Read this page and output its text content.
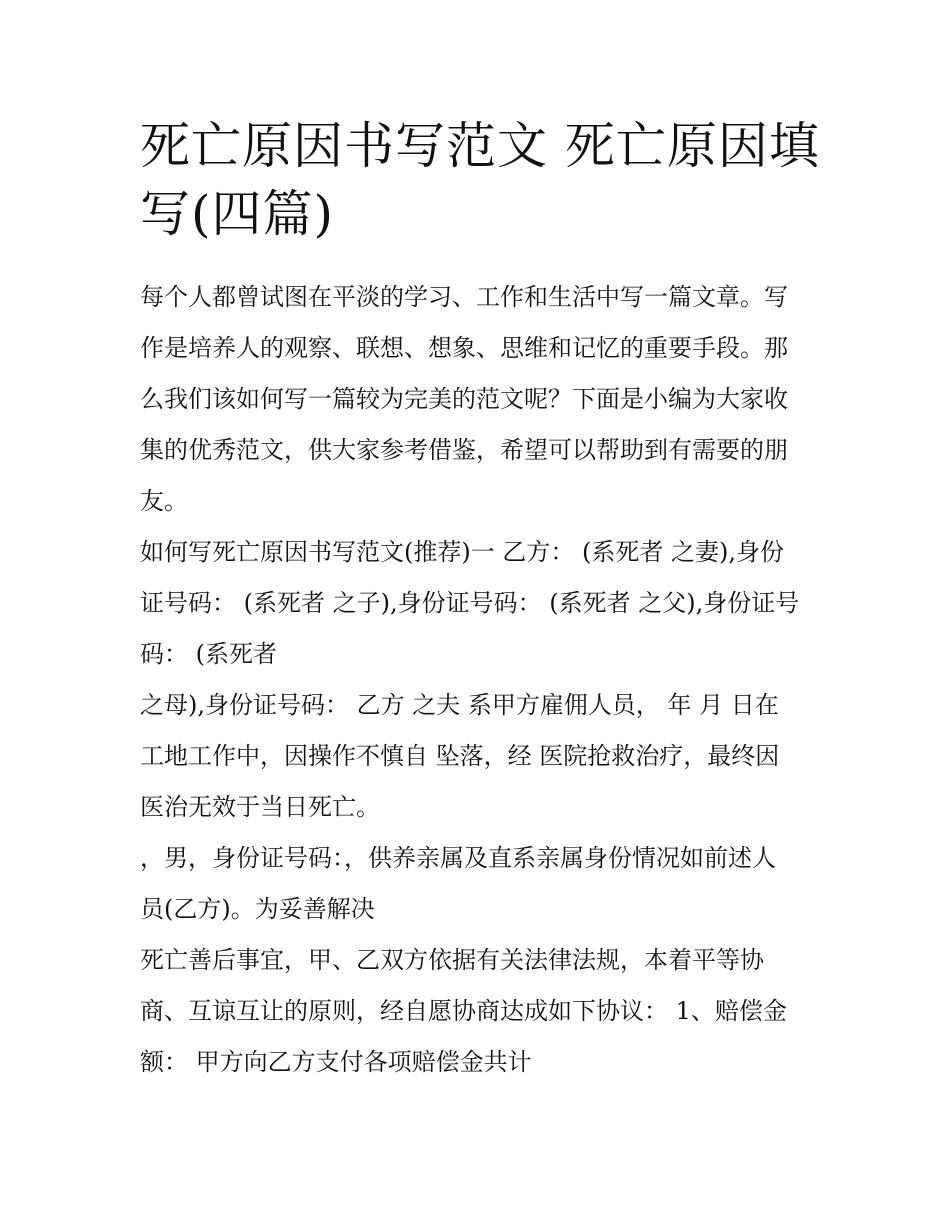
死亡原因书写范文 死亡原因填
写(四篇)

每个人都曾试图在平淡的学习、工作和生活中写一篇文章。写

作是培养人的观察、联想、想象、思维和记忆的重要手段。那

么我们该如何写一篇较为完美的范文呢？下面是小编为大家收

集的优秀范文，供大家参考借鉴，希望可以帮助到有需要的朋

友。

如何写死亡原因书写范文(推荐)一 乙方： (系死者 之妻),身份

证号码： (系死者 之子),身份证号码： (系死者 之父),身份证号

码： (系死者

之母),身份证号码： 乙方 之夫 系甲方雇佣人员， 年 月 日在

工地工作中，因操作不慎自 坠落，经 医院抢救治疗，最终因

医治无效于当日死亡。

，男，身份证号码：，供养亲属及直系亲属身份情况如前述人

员(乙方)。为妥善解决

死亡善后事宜，甲、乙双方依据有关法律法规，本着平等协

商、互谅互让的原则，经自愿协商达成如下协议： 1、赔偿金

额： 甲方向乙方支付各项赔偿金共计
